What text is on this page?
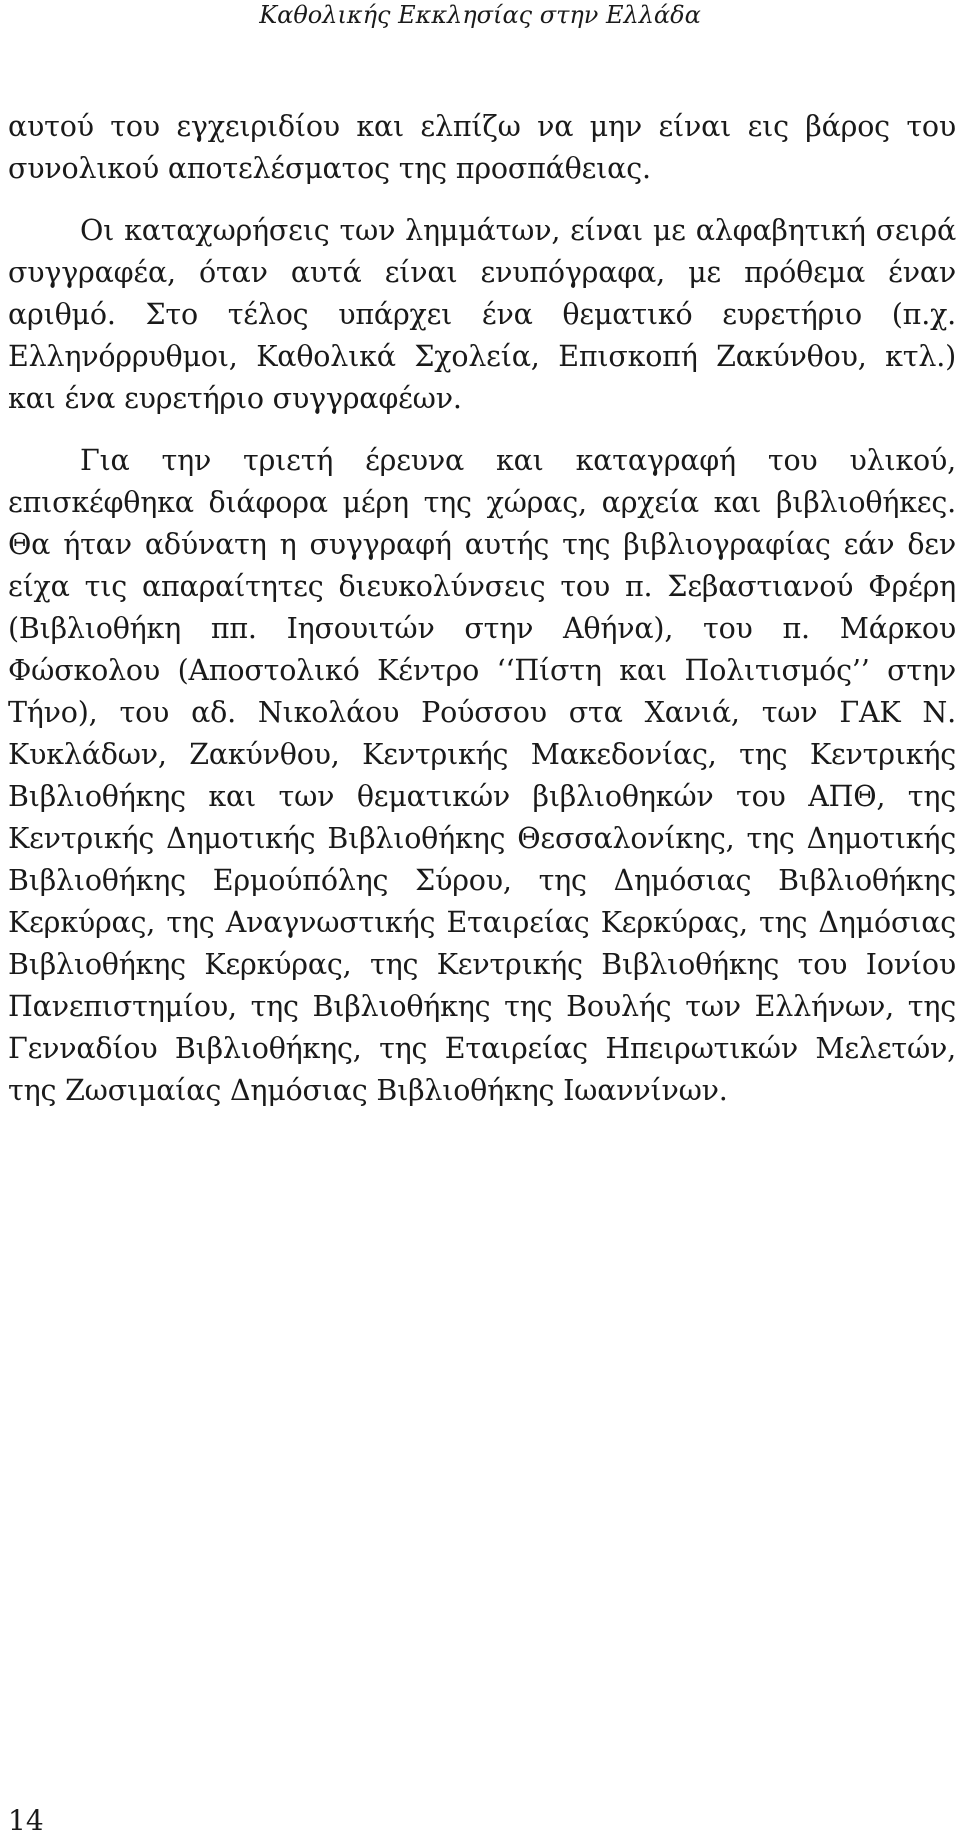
Καθολικής Εκκλησίας στην Ελλάδα

αυτού του εγχειριδίου και ελπίζω να μην είναι εις βάρος του συνολικού αποτελέσματος της προσπάθειας.

Οι καταχωρήσεις των λημμάτων, είναι με αλφαβητική σειρά συγγραφέα, όταν αυτά είναι ενυπόγραφα, με πρόθεμα έναν αριθμό. Στο τέλος υπάρχει ένα θεματικό ευρετήριο (π.χ. Ελληνόρρυθμοι, Καθολικά Σχολεία, Επισκοπή Ζακύνθου, κτλ.) και ένα ευρετήριο συγγραφέων.

Για την τριετή έρευνα και καταγραφή του υλικού, επισκέφθηκα διάφορα μέρη της χώρας, αρχεία και βιβλιοθήκες. Θα ήταν αδύνατη η συγγραφή αυτής της βιβλιογραφίας εάν δεν είχα τις απαραίτητες διευκολύνσεις του π. Σεβαστιανού Φρέρη (Βιβλιοθήκη ππ. Ιησουιτών στην Αθήνα), του π. Μάρκου Φώσκολου (Αποστολικό Κέντρο ‘‘Πίστη και Πολιτισμός’’ στην Τήνο), του αδ. Νικολάου Ρούσσου στα Χανιά, των ΓΑΚ Ν. Κυκλάδων, Ζακύνθου, Κεντρικής Μακεδονίας, της Κεντρικής Βιβλιοθήκης και των θεματικών βιβλιοθηκών του ΑΠΘ, της Κεντρικής Δημοτικής Βιβλιοθήκης Θεσσαλονίκης, της Δημοτικής Βιβλιοθήκης Ερμούπόλης Σύρου, της Δημόσιας Βιβλιοθήκης Κερκύρας, της Αναγνωστικής Εταιρείας Κερκύρας, της Δημόσιας Βιβλιοθήκης Κερκύρας, της Κεντρικής Βιβλιοθήκης του Ιονίου Πανεπιστημίου, της Βιβλιοθήκης της Βουλής των Ελλήνων, της Γενναδίου Βιβλιοθήκης, της Εταιρείας Ηπειρωτικών Μελετών, της Ζωσιμαίας Δημόσιας Βιβλιοθήκης Ιωαννίνων.

14
